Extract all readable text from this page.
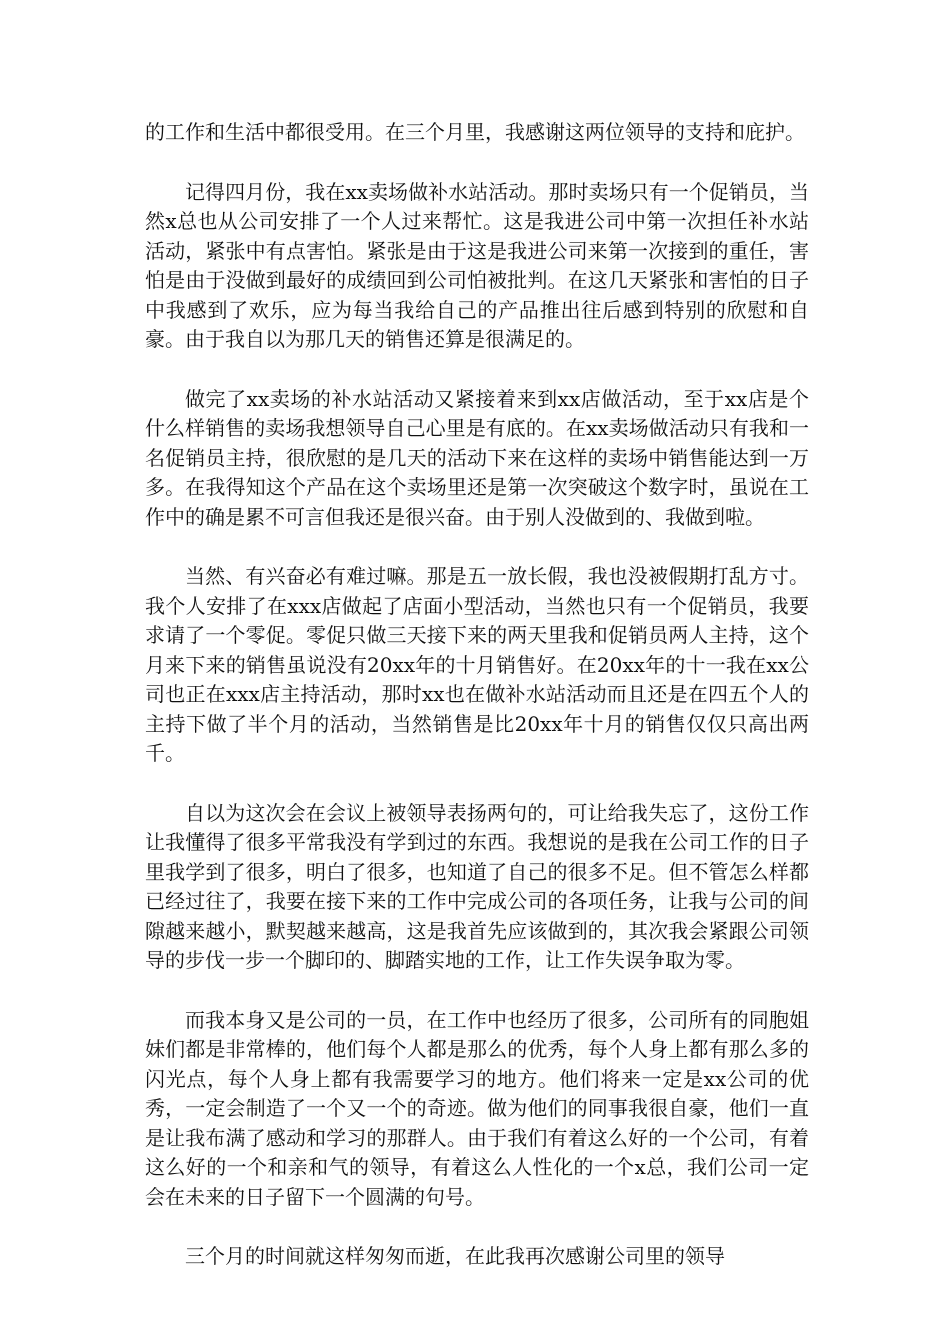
的工作和生活中都很受用。在三个月里，我感谢这两位领导的支持和庇护。

记得四月份，我在xx卖场做补水站活动。那时卖场只有一个促销员，当然x总也从公司安排了一个人过来帮忙。这是我进公司中第一次担任补水站活动，紧张中有点害怕。紧张是由于这是我进公司来第一次接到的重任，害怕是由于没做到最好的成绩回到公司怕被批判。在这几天紧张和害怕的日子中我感到了欢乐，应为每当我给自己的产品推出往后感到特别的欣慰和自豪。由于我自以为那几天的销售还算是很满足的。

做完了xx卖场的补水站活动又紧接着来到xx店做活动，至于xx店是个什么样销售的卖场我想领导自己心里是有底的。在xx卖场做活动只有我和一名促销员主持，很欣慰的是几天的活动下来在这样的卖场中销售能达到一万多。在我得知这个产品在这个卖场里还是第一次突破这个数字时，虽说在工作中的确是累不可言但我还是很兴奋。由于别人没做到的、我做到啦。

当然、有兴奋必有难过嘛。那是五一放长假，我也没被假期打乱方寸。我个人安排了在xxx店做起了店面小型活动，当然也只有一个促销员，我要求请了一个零促。零促只做三天接下来的两天里我和促销员两人主持，这个月来下来的销售虽说没有20xx年的十月销售好。在20xx年的十一我在xx公司也正在xxx店主持活动，那时xx也在做补水站活动而且还是在四五个人的主持下做了半个月的活动，当然销售是比20xx年十月的销售仅仅只高出两千。

自以为这次会在会议上被领导表扬两句的，可让给我失忘了，这份工作让我懂得了很多平常我没有学到过的东西。我想说的是我在公司工作的日子里我学到了很多，明白了很多，也知道了自己的很多不足。但不管怎么样都已经过往了，我要在接下来的工作中完成公司的各项任务，让我与公司的间隙越来越小，默契越来越高，这是我首先应该做到的，其次我会紧跟公司领导的步伐一步一个脚印的、脚踏实地的工作，让工作失误争取为零。

而我本身又是公司的一员，在工作中也经历了很多，公司所有的同胞姐妹们都是非常棒的，他们每个人都是那么的优秀，每个人身上都有那么多的闪光点，每个人身上都有我需要学习的地方。他们将来一定是xx公司的优秀，一定会制造了一个又一个的奇迹。做为他们的同事我很自豪，他们一直是让我布满了感动和学习的那群人。由于我们有着这么好的一个公司，有着这么好的一个和亲和气的领导，有着这么人性化的一个x总，我们公司一定会在未来的日子留下一个圆满的句号。

三个月的时间就这样匆匆而逝，在此我再次感谢公司里的领导
